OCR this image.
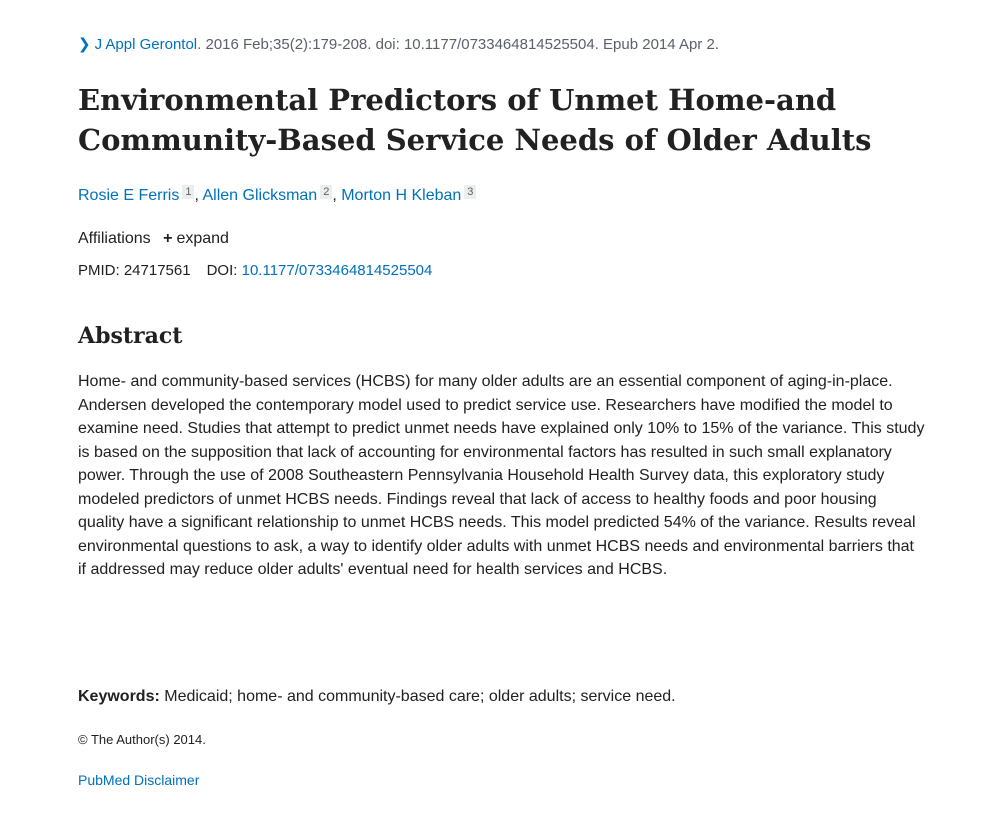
❯ J Appl Gerontol. 2016 Feb;35(2):179-208. doi: 10.1177/0733464814525504. Epub 2014 Apr 2.
Environmental Predictors of Unmet Home-and Community-Based Service Needs of Older Adults
Rosie E Ferris 1 , Allen Glicksman 2 , Morton H Kleban 3
Affiliations + expand
PMID: 24717561 DOI: 10.1177/0733464814525504
Abstract

Home- and community-based services (HCBS) for many older adults are an essential component of aging-in-place. Andersen developed the contemporary model used to predict service use. Researchers have modified the model to examine need. Studies that attempt to predict unmet needs have explained only 10% to 15% of the variance. This study is based on the supposition that lack of accounting for environmental factors has resulted in such small explanatory power. Through the use of 2008 Southeastern Pennsylvania Household Health Survey data, this exploratory study modeled predictors of unmet HCBS needs. Findings reveal that lack of access to healthy foods and poor housing quality have a significant relationship to unmet HCBS needs. This model predicted 54% of the variance. Results reveal environmental questions to ask, a way to identify older adults with unmet HCBS needs and environmental barriers that if addressed may reduce older adults' eventual need for health services and HCBS.

Keywords: Medicaid; home- and community-based care; older adults; service need.
© The Author(s) 2014.
PubMed Disclaimer
